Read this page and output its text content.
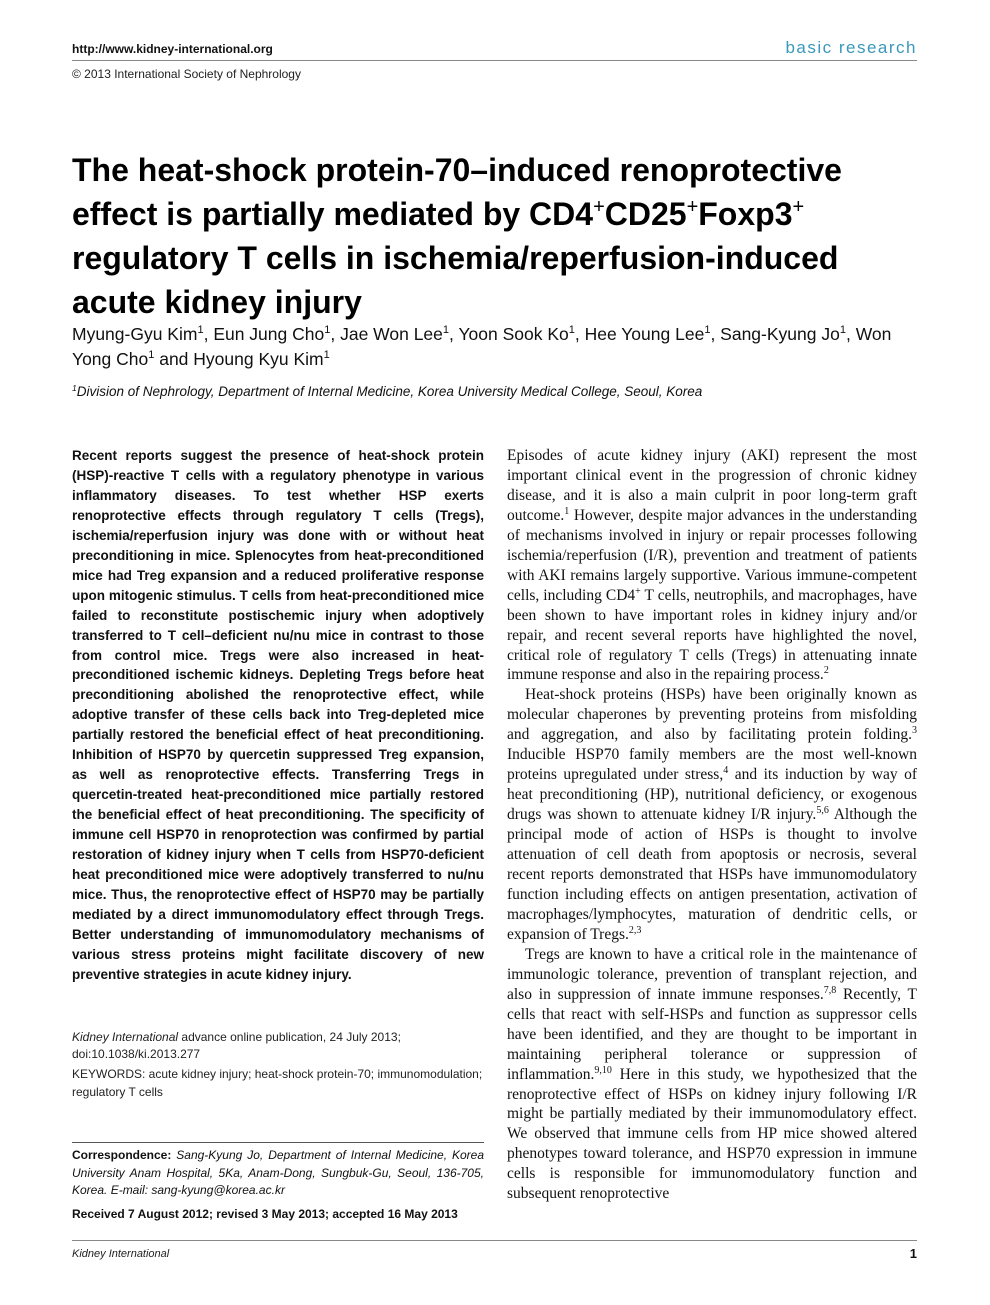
http://www.kidney-international.org
© 2013 International Society of Nephrology
basic research
The heat-shock protein-70–induced renoprotective effect is partially mediated by CD4+CD25+Foxp3+ regulatory T cells in ischemia/reperfusion-induced acute kidney injury
Myung-Gyu Kim$^1$, Eun Jung Cho$^1$, Jae Won Lee$^1$, Yoon Sook Ko$^1$, Hee Young Lee$^1$, Sang-Kyung Jo$^1$, Won Yong Cho$^1$ and Hyoung Kyu Kim$^1$
$^1$Division of Nephrology, Department of Internal Medicine, Korea University Medical College, Seoul, Korea
Recent reports suggest the presence of heat-shock protein (HSP)-reactive T cells with a regulatory phenotype in various inflammatory diseases. To test whether HSP exerts renoprotective effects through regulatory T cells (Tregs), ischemia/reperfusion injury was done with or without heat preconditioning in mice. Splenocytes from heat-preconditioned mice had Treg expansion and a reduced proliferative response upon mitogenic stimulus. T cells from heat-preconditioned mice failed to reconstitute postischemic injury when adoptively transferred to T cell–deficient nu/nu mice in contrast to those from control mice. Tregs were also increased in heat-preconditioned ischemic kidneys. Depleting Tregs before heat preconditioning abolished the renoprotective effect, while adoptive transfer of these cells back into Treg-depleted mice partially restored the beneficial effect of heat preconditioning. Inhibition of HSP70 by quercetin suppressed Treg expansion, as well as renoprotective effects. Transferring Tregs in quercetin-treated heat-preconditioned mice partially restored the beneficial effect of heat preconditioning. The specificity of immune cell HSP70 in renoprotection was confirmed by partial restoration of kidney injury when T cells from HSP70-deficient heat preconditioned mice were adoptively transferred to nu/nu mice. Thus, the renoprotective effect of HSP70 may be partially mediated by a direct immunomodulatory effect through Tregs. Better understanding of immunomodulatory mechanisms of various stress proteins might facilitate discovery of new preventive strategies in acute kidney injury.
Kidney International advance online publication, 24 July 2013;
doi:10.1038/ki.2013.277
KEYWORDS: acute kidney injury; heat-shock protein-70; immunomodulation; regulatory T cells
Correspondence: Sang-Kyung Jo, Department of Internal Medicine, Korea University Anam Hospital, 5Ka, Anam-Dong, Sungbuk-Gu, Seoul, 136-705, Korea. E-mail: sang-kyung@korea.ac.kr
Received 7 August 2012; revised 3 May 2013; accepted 16 May 2013

Episodes of acute kidney injury (AKI) represent the most important clinical event in the progression of chronic kidney disease, and it is also a main culprit in poor long-term graft outcome.$^1$ However, despite major advances in the understanding of mechanisms involved in injury or repair processes following ischemia/reperfusion (I/R), prevention and treatment of patients with AKI remains largely supportive. Various immune-competent cells, including CD4+ T cells, neutrophils, and macrophages, have been shown to have important roles in kidney injury and/or repair, and recent several reports have highlighted the novel, critical role of regulatory T cells (Tregs) in attenuating innate immune response and also in the repairing process.$^2$

Heat-shock proteins (HSPs) have been originally known as molecular chaperones by preventing proteins from misfolding and aggregation, and also by facilitating protein folding.$^3$ Inducible HSP70 family members are the most well-known proteins upregulated under stress,$^4$ and its induction by way of heat preconditioning (HP), nutritional deficiency, or exogenous drugs was shown to attenuate kidney I/R injury.$^{5,6}$ Although the principal mode of action of HSPs is thought to involve attenuation of cell death from apoptosis or necrosis, several recent reports demonstrated that HSPs have immunomodulatory function including effects on antigen presentation, activation of macrophages/lymphocytes, maturation of dendritic cells, or expansion of Tregs.$^{2,3}$

Tregs are known to have a critical role in the maintenance of immunologic tolerance, prevention of transplant rejection, and also in suppression of innate immune responses.$^{7,8}$ Recently, T cells that react with self-HSPs and function as suppressor cells have been identified, and they are thought to be important in maintaining peripheral tolerance or suppression of inflammation.$^{9,10}$ Here in this study, we hypothesized that the renoprotective effect of HSPs on kidney injury following I/R might be partially mediated by their immunomodulatory effect. We observed that immune cells from HP mice showed altered phenotypes toward tolerance, and HSP70 expression in immune cells is responsible for immunomodulatory function and subsequent renoprotective

Kidney International	1
